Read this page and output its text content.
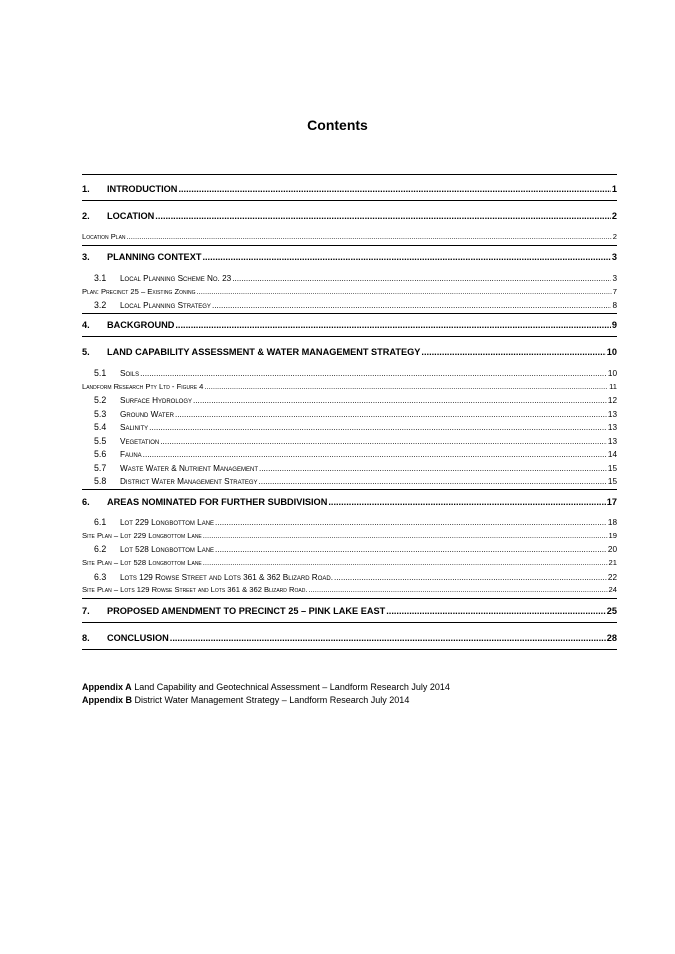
Contents
1.	INTRODUCTION .....	1
2.	LOCATION .....	2
Location Plan .....	2
3.	PLANNING CONTEXT .....	3
3.1	Local Planning Scheme No. 23 .....	3
Plan: Precinct 25 – Existing Zoning .....	7
3.2	Local Planning Strategy .....	8
4.	BACKGROUND .....	9
5.	LAND CAPABILITY ASSESSMENT & WATER MANAGEMENT STRATEGY .....	10
5.1	Soils .....	10
Landform Research Pty Ltd - Figure 4 .....	11
5.2	Surface Hydrology .....	12
5.3	Ground Water .....	13
5.4	Salinity .....	13
5.5	Vegetation .....	13
5.6	Fauna .....	14
5.7	Waste Water & Nutrient Management .....	15
5.8	District Water Management Strategy .....	15
6.	AREAS NOMINATED FOR FURTHER SUBDIVISION .....	17
6.1	Lot 229 Longbottom Lane .....	18
Site Plan – Lot 229 Longbottom Lane .....	19
6.2	Lot 528 Longbottom Lane .....	20
Site Plan – Lot 528 Longbottom Lane .....	21
6.3	Lots 129 Rowse Street and Lots 361 & 362 Blizard Road. .....	22
Site Plan – Lots 129 Rowse Street and Lots 361 & 362 Blizard Road. .....	24
7.	PROPOSED AMENDMENT TO PRECINCT 25 – PINK LAKE EAST .....	25
8.	CONCLUSION .....	28
Appendix A Land Capability and Geotechnical Assessment – Landform Research July 2014
Appendix B District Water Management Strategy – Landform Research July 2014
